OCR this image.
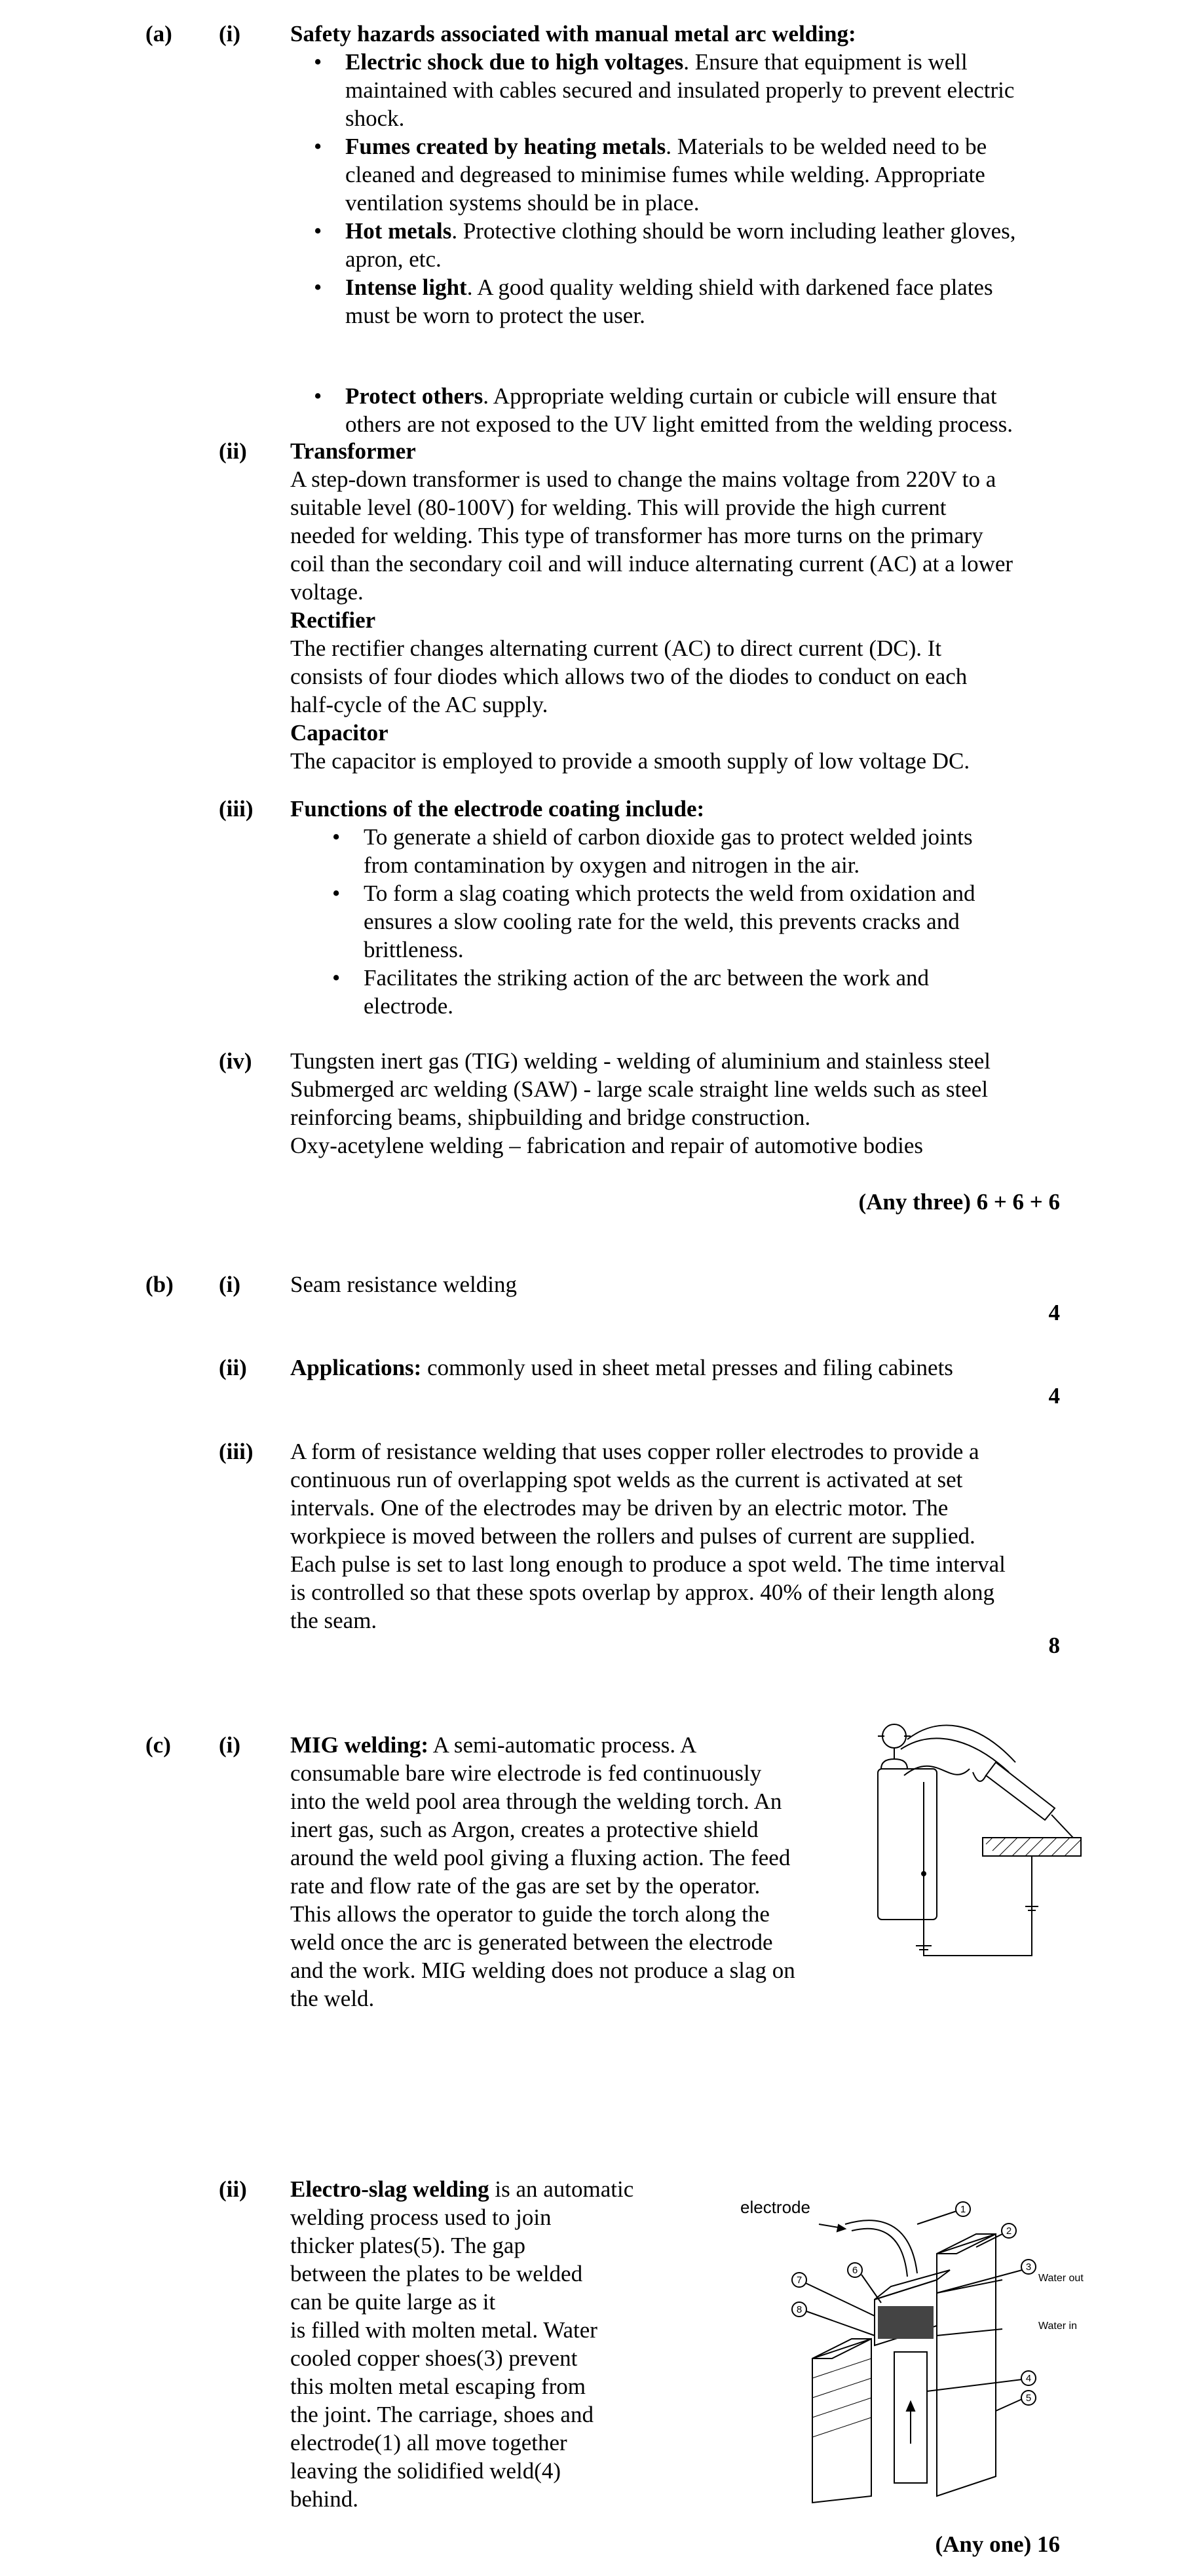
(a) (i) Safety hazards associated with manual metal arc welding:
• Electric shock due to high voltages. Ensure that equipment is well
maintained with cables secured and insulated properly to prevent electric
shock.
• Fumes created by heating metals. Materials to be welded need to be
cleaned and degreased to minimise fumes while welding. Appropriate
ventilation systems should be in place.
• Hot metals. Protective clothing should be worn including leather gloves,
apron, etc.
• Intense light. A good quality welding shield with darkened face plates
must be worn to protect the user.
• Protect others. Appropriate welding curtain or cubicle will ensure that
others are not exposed to the UV light emitted from the welding process.
(ii) Transformer
A step-down transformer is used to change the mains voltage from 220V to a
suitable level (80-100V) for welding. This will provide the high current
needed for welding. This type of transformer has more turns on the primary
coil than the secondary coil and will induce alternating current (AC) at a lower
voltage.
Rectifier
The rectifier changes alternating current (AC) to direct current (DC). It
consists of four diodes which allows two of the diodes to conduct on each
half-cycle of the AC supply.
Capacitor
The capacitor is employed to provide a smooth supply of low voltage DC.
(iii) Functions of the electrode coating include:
• To generate a shield of carbon dioxide gas to protect welded joints
from contamination by oxygen and nitrogen in the air.
• To form a slag coating which protects the weld from oxidation and
ensures a slow cooling rate for the weld, this prevents cracks and
brittleness.
• Facilitates the striking action of the arc between the work and
electrode.
(iv) Tungsten inert gas (TIG) welding - welding of aluminium and stainless steel
Submerged arc welding (SAW) - large scale straight line welds such as steel
reinforcing beams, shipbuilding and bridge construction.
Oxy-acetylene welding – fabrication and repair of automotive bodies
(Any three) 6 + 6 + 6
(b) (i) Seam resistance welding
4
(ii) Applications: commonly used in sheet metal presses and filing cabinets
4
(iii) A form of resistance welding that uses copper roller electrodes to provide a
continuous run of overlapping spot welds as the current is activated at set
intervals. One of the electrodes may be driven by an electric motor. The
workpiece is moved between the rollers and pulses of current are supplied.
Each pulse is set to last long enough to produce a spot weld. The time interval
is controlled so that these spots overlap by approx. 40% of their length along
the seam.
8
(c) (i) MIG welding: A semi-automatic process. A
consumable bare wire electrode is fed continuously
into the weld pool area through the welding torch. An
inert gas, such as Argon, creates a protective shield
around the weld pool giving a fluxing action. The feed
rate and flow rate of the gas are set by the operator.
This allows the operator to guide the torch along the
weld once the arc is generated between the electrode
and the work. MIG welding does not produce a slag on
the weld.
(ii) Electro-slag welding is an automatic
welding process used to join
thicker plates(5). The gap
between the plates to be welded
can be quite large as it
is filled with molten metal. Water
cooled copper shoes(3) prevent
this molten metal escaping from
the joint. The carriage, shoes and
electrode(1) all move together
leaving the solidified weld(4)
behind.
electrode	1
2
3
4
5
6
7
8
Water out
Water in
(Any one) 16
